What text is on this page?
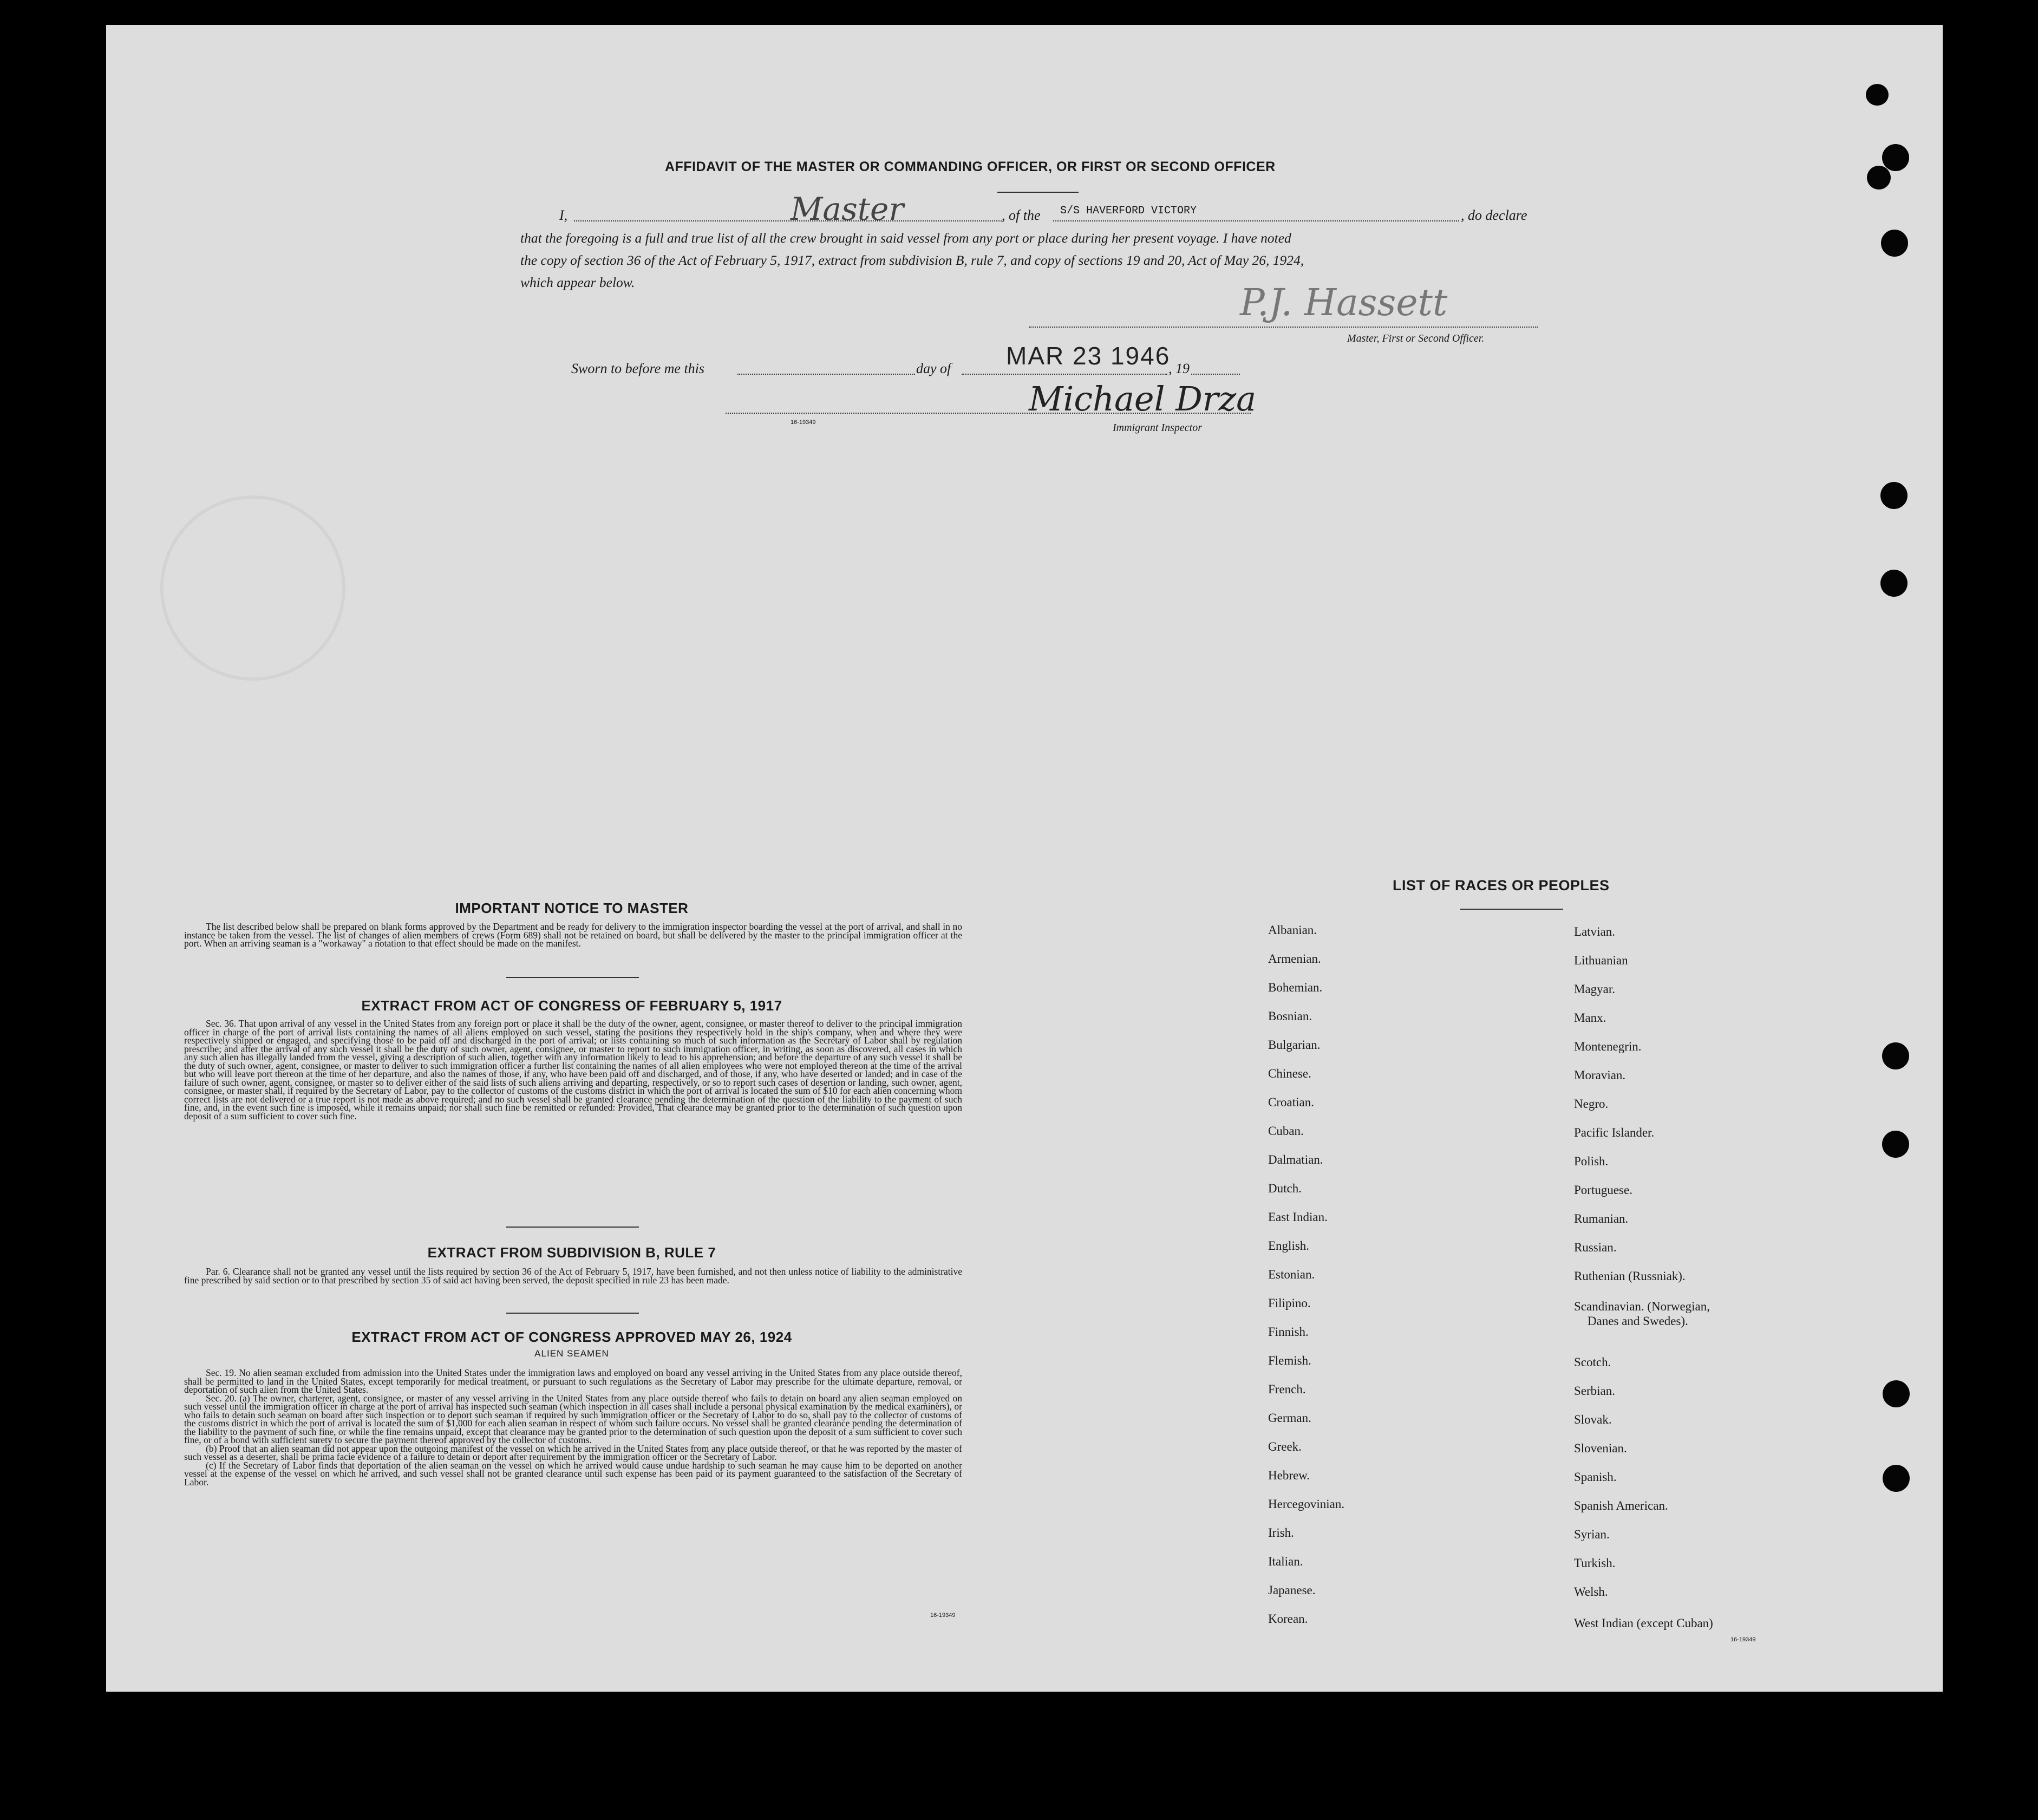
AFFIDAVIT OF THE MASTER OR COMMANDING OFFICER, OR FIRST OR SECOND OFFICER
I,	Master	, of the S/S HAVERFORD VICTORY	, do declare
that the foregoing is a full and true list of all the crew brought in said vessel from any port or place during her present voyage. I have noted
the copy of section 36 of the Act of February 5, 1917, extract from subdivision B, rule 7, and copy of sections 19 and 20, Act of May 26, 1924,
which appear below.	P.J. Hassett
Master, First or Second Officer.
Sworn to before me this	day of MAR 23 1946
, 19
Michael Drza
16-19349	Immigrant Inspector
IMPORTANT NOTICE TO MASTER

The list described below shall be prepared on blank forms approved by the Department and be ready for delivery to the immigration inspector boarding the vessel at the port of arrival, and shall in no instance be taken from the vessel. The list of changes of alien members of crews (Form 689) shall not be retained on board, but shall be delivered by the master to the principal immigration officer at the port. When an arriving seaman is a "workaway" a notation to that effect should be made on the manifest.

EXTRACT FROM ACT OF CONGRESS OF FEBRUARY 5, 1917

Sec. 36. That upon arrival of any vessel in the United States from any foreign port or place it shall be the duty of the owner, agent, consignee, or master thereof to deliver to the principal immigration officer in charge of the port of arrival lists containing the names of all aliens employed on such vessel, stating the positions they respectively hold in the ship's company, when and where they were respectively shipped or engaged, and specifying those to be paid off and discharged in the port of arrival; or lists containing so much of such information as the Secretary of Labor shall by regulation prescribe; and after the arrival of any such vessel it shall be the duty of such owner, agent, consignee, or master to report to such immigration officer, in writing, as soon as discovered, all cases in which any such alien has illegally landed from the vessel, giving a description of such alien, together with any information likely to lead to his apprehension; and before the departure of any such vessel it shall be the duty of such owner, agent, consignee, or master to deliver to such immigration officer a further list containing the names of all alien employees who were not employed thereon at the time of the arrival but who will leave port thereon at the time of her departure, and also the names of those, if any, who have been paid off and discharged, and of those, if any, who have deserted or landed; and in case of the failure of such owner, agent, consignee, or master so to deliver either of the said lists of such aliens arriving and departing, respectively, or so to report such cases of desertion or landing, such owner, agent, consignee, or master shall, if required by the Secretary of Labor, pay to the collector of customs of the customs district in which the port of arrival is located the sum of $10 for each alien concerning whom correct lists are not delivered or a true report is not made as above required; and no such vessel shall be granted clearance pending the determination of the question of the liability to the payment of such fine, and, in the event such fine is imposed, while it remains unpaid; nor shall such fine be remitted or refunded: Provided, That clearance may be granted prior to the determination of such question upon deposit of a sum sufficient to cover such fine.

EXTRACT FROM SUBDIVISION B, RULE 7

Par. 6. Clearance shall not be granted any vessel until the lists required by section 36 of the Act of February 5, 1917, have been furnished, and not then unless notice of liability to the administrative fine prescribed by said section or to that prescribed by section 35 of said act having been served, the deposit specified in rule 23 has been made.

EXTRACT FROM ACT OF CONGRESS APPROVED MAY 26, 1924
ALIEN SEAMEN

Sec. 19. No alien seaman excluded from admission into the United States under the immigration laws and employed on board any vessel arriving in the United States from any place outside thereof, shall be permitted to land in the United States, except temporarily for medical treatment, or pursuant to such regulations as the Secretary of Labor may prescribe for the ultimate departure, removal, or deportation of such alien from the United States.

Sec. 20. (a) The owner, charterer, agent, consignee, or master of any vessel arriving in the United States from any place outside thereof who fails to detain on board any alien seaman employed on such vessel until the immigration officer in charge at the port of arrival has inspected such seaman (which inspection in all cases shall include a personal physical examination by the medical examiners), or who fails to detain such seaman on board after such inspection or to deport such seaman if required by such immigration officer or the Secretary of Labor to do so, shall pay to the collector of customs of the customs district in which the port of arrival is located the sum of $1,000 for each alien seaman in respect of whom such failure occurs. No vessel shall be granted clearance pending the determination of the liability to the payment of such fine, or while the fine remains unpaid, except that clearance may be granted prior to the determination of such question upon the deposit of a sum sufficient to cover such fine, or of a bond with sufficient surety to secure the payment thereof approved by the collector of customs.

(b) Proof that an alien seaman did not appear upon the outgoing manifest of the vessel on which he arrived in the United States from any place outside thereof, or that he was reported by the master of such vessel as a deserter, shall be prima facie evidence of a failure to detain or deport after requirement by the immigration officer or the Secretary of Labor.

(c) If the Secretary of Labor finds that deportation of the alien seaman on the vessel on which he arrived would cause undue hardship to such seaman he may cause him to be deported on another vessel at the expense of the vessel on which he arrived, and such vessel shall not be granted clearance until such expense has been paid or its payment guaranteed to the satisfaction of the Secretary of Labor.

16-19349
LIST OF RACES OR PEOPLES
Albanian.
Armenian.
Bohemian.
Bosnian.
Bulgarian.
Chinese.
Croatian.
Cuban.
Dalmatian.
Dutch.
East Indian.
English.
Estonian.
Filipino.
Finnish.
Flemish.
French.
German.
Greek.
Hebrew.
Hercegovinian.
Irish.
Italian.
Japanese.
Korean.
Latvian.
Lithuanian
Magyar.
Manx.
Montenegrin.
Moravian.
Negro.
Pacific Islander.
Polish.
Portuguese.
Rumanian.
Russian.
Ruthenian (Russniak).
Scandinavian. (Norwegian,
Danes and Swedes).
Scotch.
Serbian.
Slovak.
Slovenian.
Spanish.
Spanish American.
Syrian.
Turkish.
Welsh.
West Indian (except Cuban)
16-19349
